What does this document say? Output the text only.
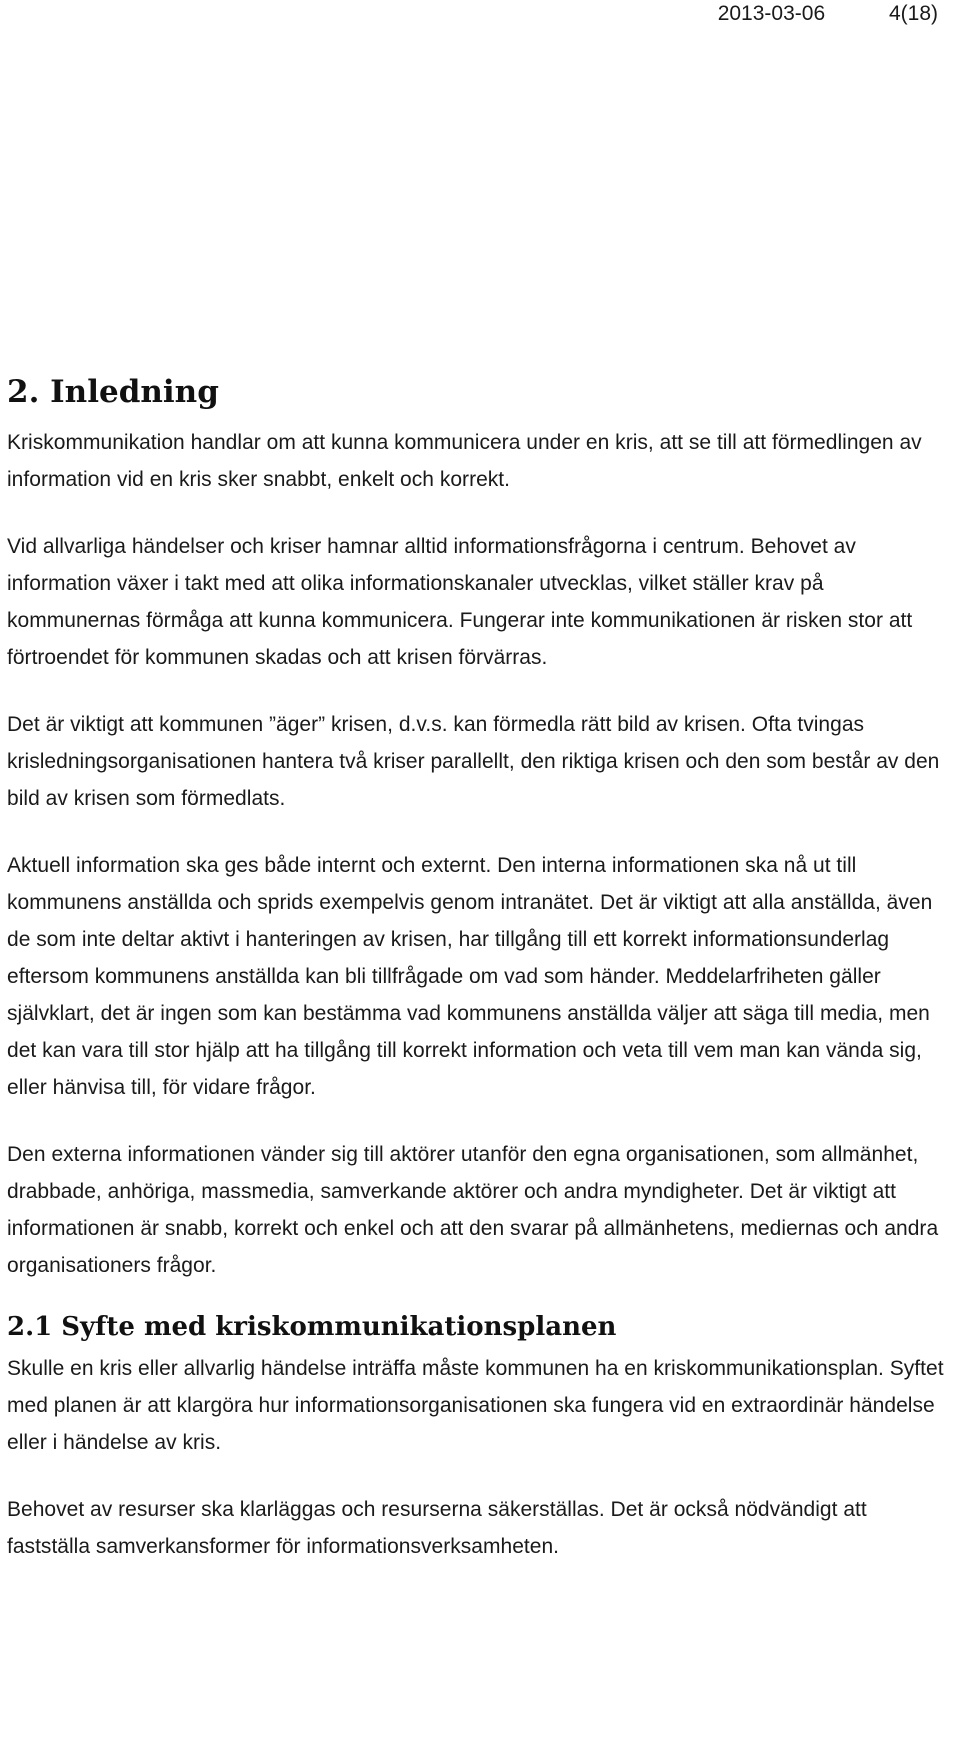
2013-03-06	4(18)
2. Inledning

Kriskommunikation handlar om att kunna kommunicera under en kris, att se till att förmedlingen av information vid en kris sker snabbt, enkelt och korrekt.

Vid allvarliga händelser och kriser hamnar alltid informationsfrågorna i centrum. Behovet av information växer i takt med att olika informationskanaler utvecklas, vilket ställer krav på kommunernas förmåga att kunna kommunicera. Fungerar inte kommunikationen är risken stor att förtroendet för kommunen skadas och att krisen förvärras.

Det är viktigt att kommunen ”äger” krisen, d.v.s. kan förmedla rätt bild av krisen. Ofta tvingas krisledningsorganisationen hantera två kriser parallellt, den riktiga krisen och den som består av den bild av krisen som förmedlats.

Aktuell information ska ges både internt och externt. Den interna informationen ska nå ut till kommunens anställda och sprids exempelvis genom intranätet. Det är viktigt att alla anställda, även de som inte deltar aktivt i hanteringen av krisen, har tillgång till ett korrekt informationsunderlag eftersom kommunens anställda kan bli tillfrågade om vad som händer. Meddelarfriheten gäller självklart, det är ingen som kan bestämma vad kommunens anställda väljer att säga till media, men det kan vara till stor hjälp att ha tillgång till korrekt information och veta till vem man kan vända sig, eller hänvisa till, för vidare frågor.

Den externa informationen vänder sig till aktörer utanför den egna organisationen, som allmänhet, drabbade, anhöriga, massmedia, samverkande aktörer och andra myndigheter. Det är viktigt att informationen är snabb, korrekt och enkel och att den svarar på allmänhetens, mediernas och andra organisationers frågor.

2.1 Syfte med kriskommunikationsplanen

Skulle en kris eller allvarlig händelse inträffa måste kommunen ha en kriskommunikationsplan. Syftet med planen är att klargöra hur informationsorganisationen ska fungera vid en extraordinär händelse eller i händelse av kris.

Behovet av resurser ska klarläggas och resurserna säkerställas. Det är också nödvändigt att fastställa samverkansformer för informationsverksamheten.
